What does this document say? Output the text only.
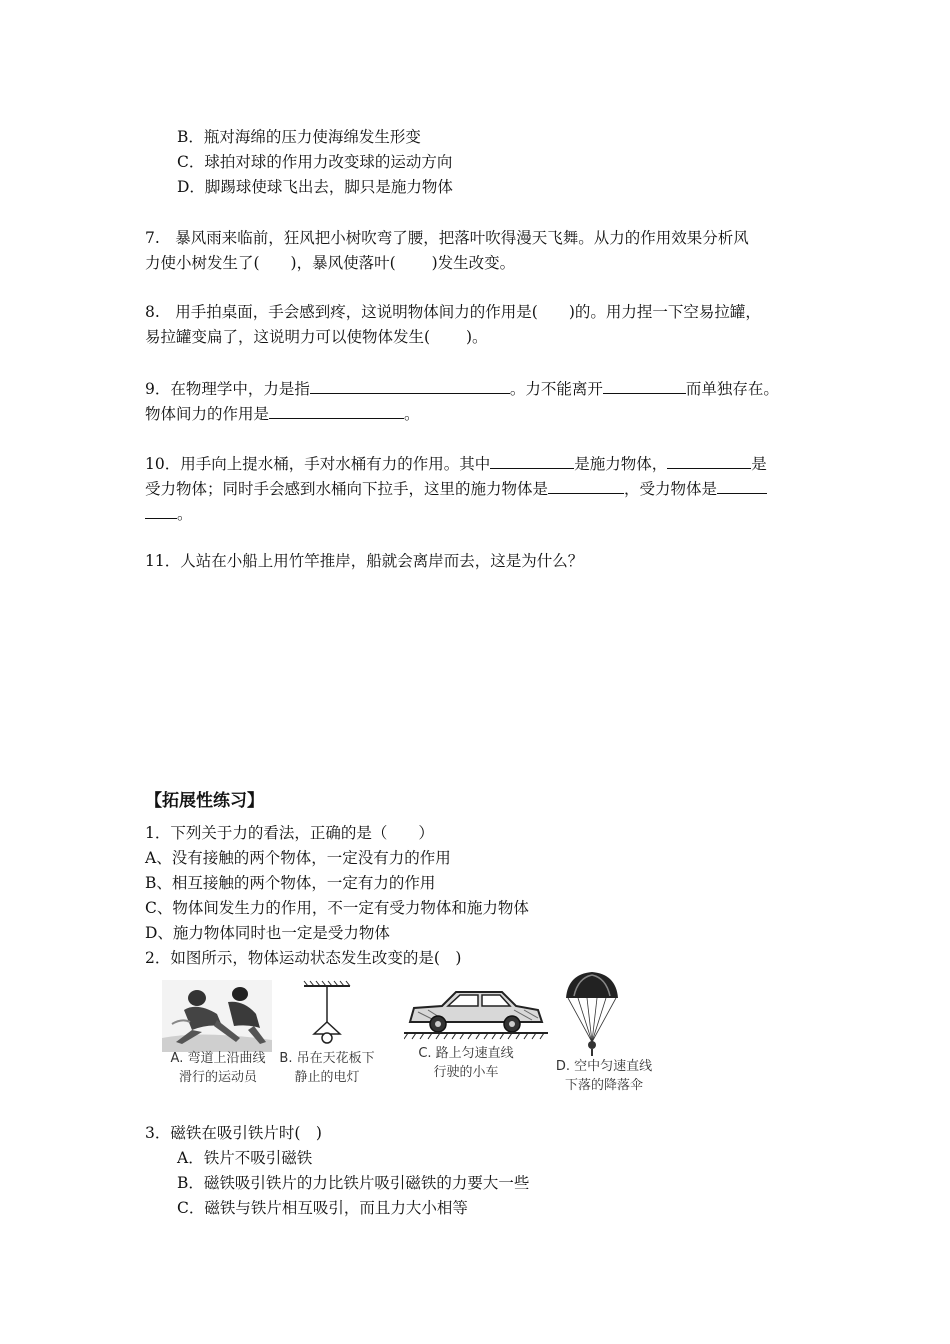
B．瓶对海绵的压力使海绵发生形变
C．球拍对球的作用力改变球的运动方向
D．脚踢球使球飞出去，脚只是施力物体
7.　暴风雨来临前，狂风把小树吹弯了腰，把落叶吹得漫天飞舞。从力的作用效果分析风
力使小树发生了(　　)，暴风使落叶(　　 )发生改变。
8.　用手拍桌面，手会感到疼，这说明物体间力的作用是(　　)的。用力捏一下空易拉罐，
易拉罐变扁了，这说明力可以使物体发生(　　 )。
9．在物理学中，力是指	。力不能离开	而单独存在。
物体间力的作用是	。
10．用手向上提水桶，手对水桶有力的作用。其中	是施力物体，	是
受力物体；同时手会感到水桶向下拉手，这里的施力物体是	，受力物体是
。
11．人站在小船上用竹竿推岸，船就会离岸而去，这是为什么？
【拓展性练习】
1．下列关于力的看法，正确的是（　　）
A、没有接触的两个物体，一定没有力的作用
B、相互接触的两个物体，一定有力的作用
C、物体间发生力的作用，不一定有受力物体和施力物体
D、施力物体同时也一定是受力物体
2．如图所示，物体运动状态发生改变的是(　)
A. 弯道上沿曲线
滑行的运动员
B. 吊在天花板下
静止的电灯
C. 路上匀速直线
行驶的小车	D. 空中匀速直线
下落的降落伞
3．磁铁在吸引铁片时(　)
A．铁片不吸引磁铁
B．磁铁吸引铁片的力比铁片吸引磁铁的力要大一些
C．磁铁与铁片相互吸引，而且力大小相等
